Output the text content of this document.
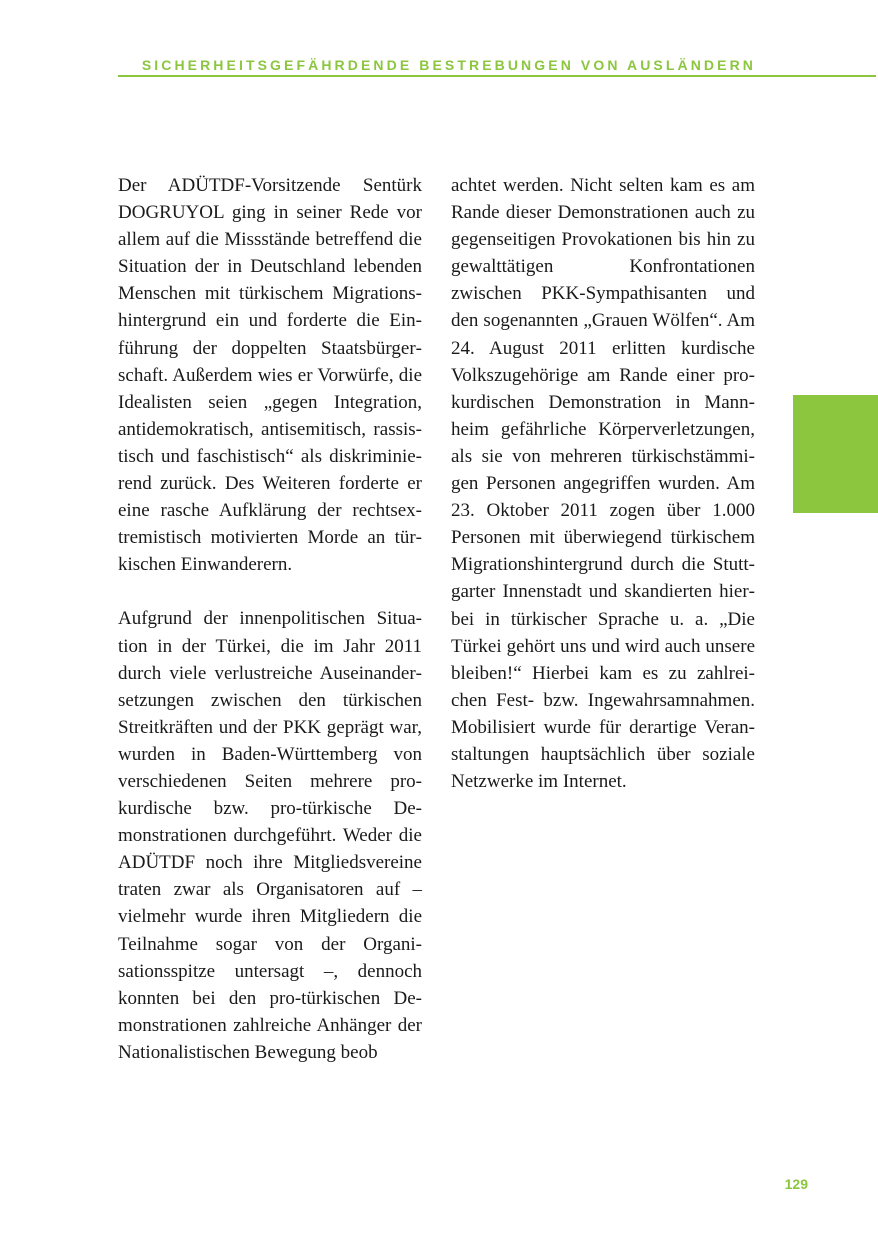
SICHERHEITSGEFÄHRDENDE BESTREBUNGEN VON AUSLÄNDERN

Der ADÜTDF-Vorsitzende Sentürk DOGRUYOL ging in seiner Rede vor allem auf die Missstände betreffend die Situation der in Deutschland lebenden Menschen mit türkischem Migrationshintergrund ein und forderte die Einführung der doppelten Staatsbürgerschaft. Außerdem wies er Vorwürfe, die Idealisten seien „gegen Integration, antidemokratisch, antisemitisch, rassistisch und faschistisch“ als diskriminierend zurück. Des Weiteren forderte er eine rasche Aufklärung der rechtsextremistisch motivierten Morde an türkischen Einwanderern.

Aufgrund der innenpolitischen Situation in der Türkei, die im Jahr 2011 durch viele verlustreiche Auseinandersetzungen zwischen den türkischen Streitkräften und der PKK geprägt war, wurden in Baden-Württemberg von verschiedenen Seiten mehrere pro-kurdische bzw. pro-türkische Demonstrationen durchgeführt. Weder die ADÜTDF noch ihre Mitgliedsvereine traten zwar als Organisatoren auf – vielmehr wurde ihren Mitgliedern die Teilnahme sogar von der Organisationsspitze untersagt –, dennoch konnten bei den pro-türkischen Demonstrationen zahlreiche Anhänger der Nationalistischen Bewegung beob

achtet werden. Nicht selten kam es am Rande dieser Demonstrationen auch zu gegenseitigen Provokationen bis hin zu gewalttätigen Konfrontationen zwischen PKK-Sympathisanten und den sogenannten „Grauen Wölfen“. Am 24. August 2011 erlitten kurdische Volkszugehörige am Rande einer prokurdischen Demonstration in Mannheim gefährliche Körperverletzungen, als sie von mehreren türkischstämmigen Personen angegriffen wurden. Am 23. Oktober 2011 zogen über 1.000 Personen mit überwiegend türkischem Migrationshintergrund durch die Stuttgarter Innenstadt und skandierten hierbei in türkischer Sprache u. a. „Die Türkei gehört uns und wird auch unsere bleiben!“ Hierbei kam es zu zahlreichen Fest- bzw. Ingewahrsamnahmen. Mobilisiert wurde für derartige Veranstaltungen hauptsächlich über soziale Netzwerke im Internet.

129
